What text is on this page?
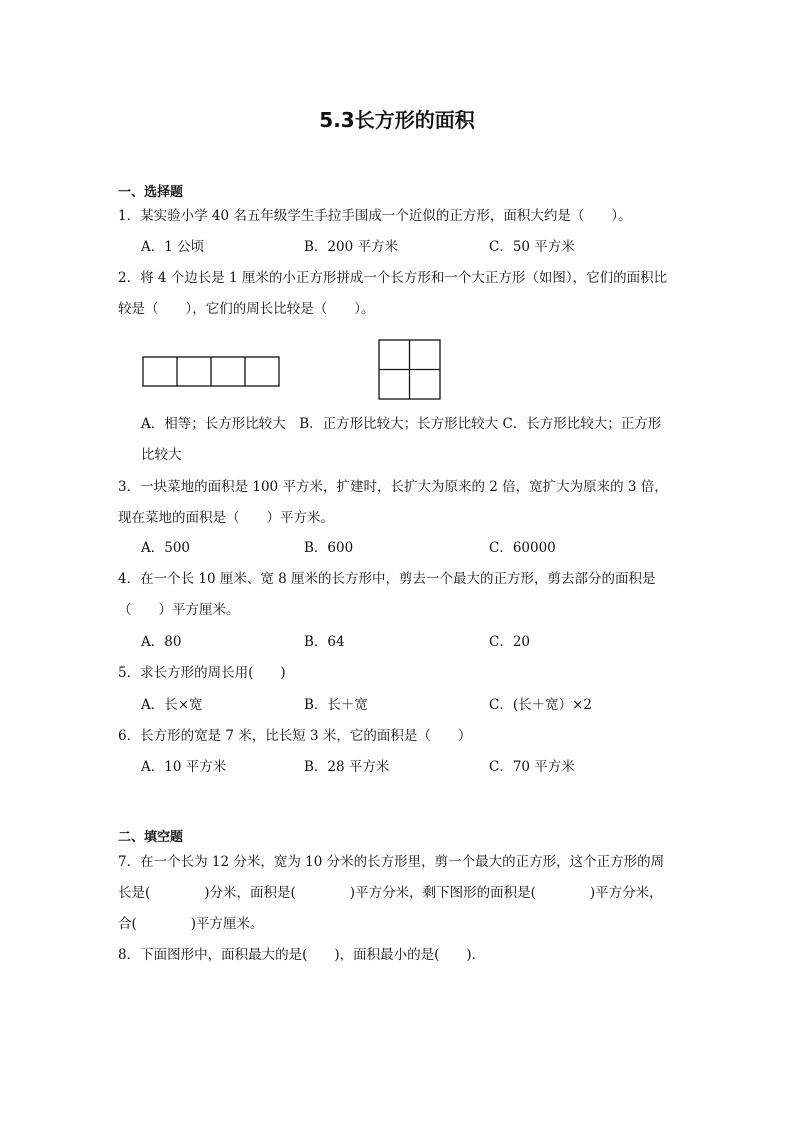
5.3长方形的面积
一、选择题
1．某实验小学 40 名五年级学生手拉手围成一个近似的正方形，面积大约是（　　）。
A．1 公顷	B．200 平方米	C．50 平方米
2．将 4 个边长是 1 厘米的小正方形拼成一个长方形和一个大正方形（如图），它们的面积比
较是（　　），它们的周长比较是（　　）。
A．相等；长方形比较大　B．正方形比较大；长方形比较大 C．长方形比较大；正方形
比较大
3．一块菜地的面积是 100 平方米，扩建时，长扩大为原来的 2 倍，宽扩大为原来的 3 倍，
现在菜地的面积是（　　）平方米。
A．500	B．600	C．60000
4．在一个长 10 厘米、宽 8 厘米的长方形中，剪去一个最大的正方形，剪去部分的面积是
（　　）平方厘米。
A．80	B．64	C．20
5．求长方形的周长用(　　)
A．长×宽	B．长＋宽	C．(长＋宽）×2
6．长方形的宽是 7 米，比长短 3 米，它的面积是（　　）
A．10 平方米	B．28 平方米	C．70 平方米
二、填空题
7．在一个长为 12 分米，宽为 10 分米的长方形里，剪一个最大的正方形，这个正方形的周
长是(　　　　)分米，面积是(　　　　)平方分米，剩下图形的面积是(　　　　)平方分米，
合(　　　　)平方厘米。
8．下面图形中，面积最大的是(　　)，面积最小的是(　　)．
